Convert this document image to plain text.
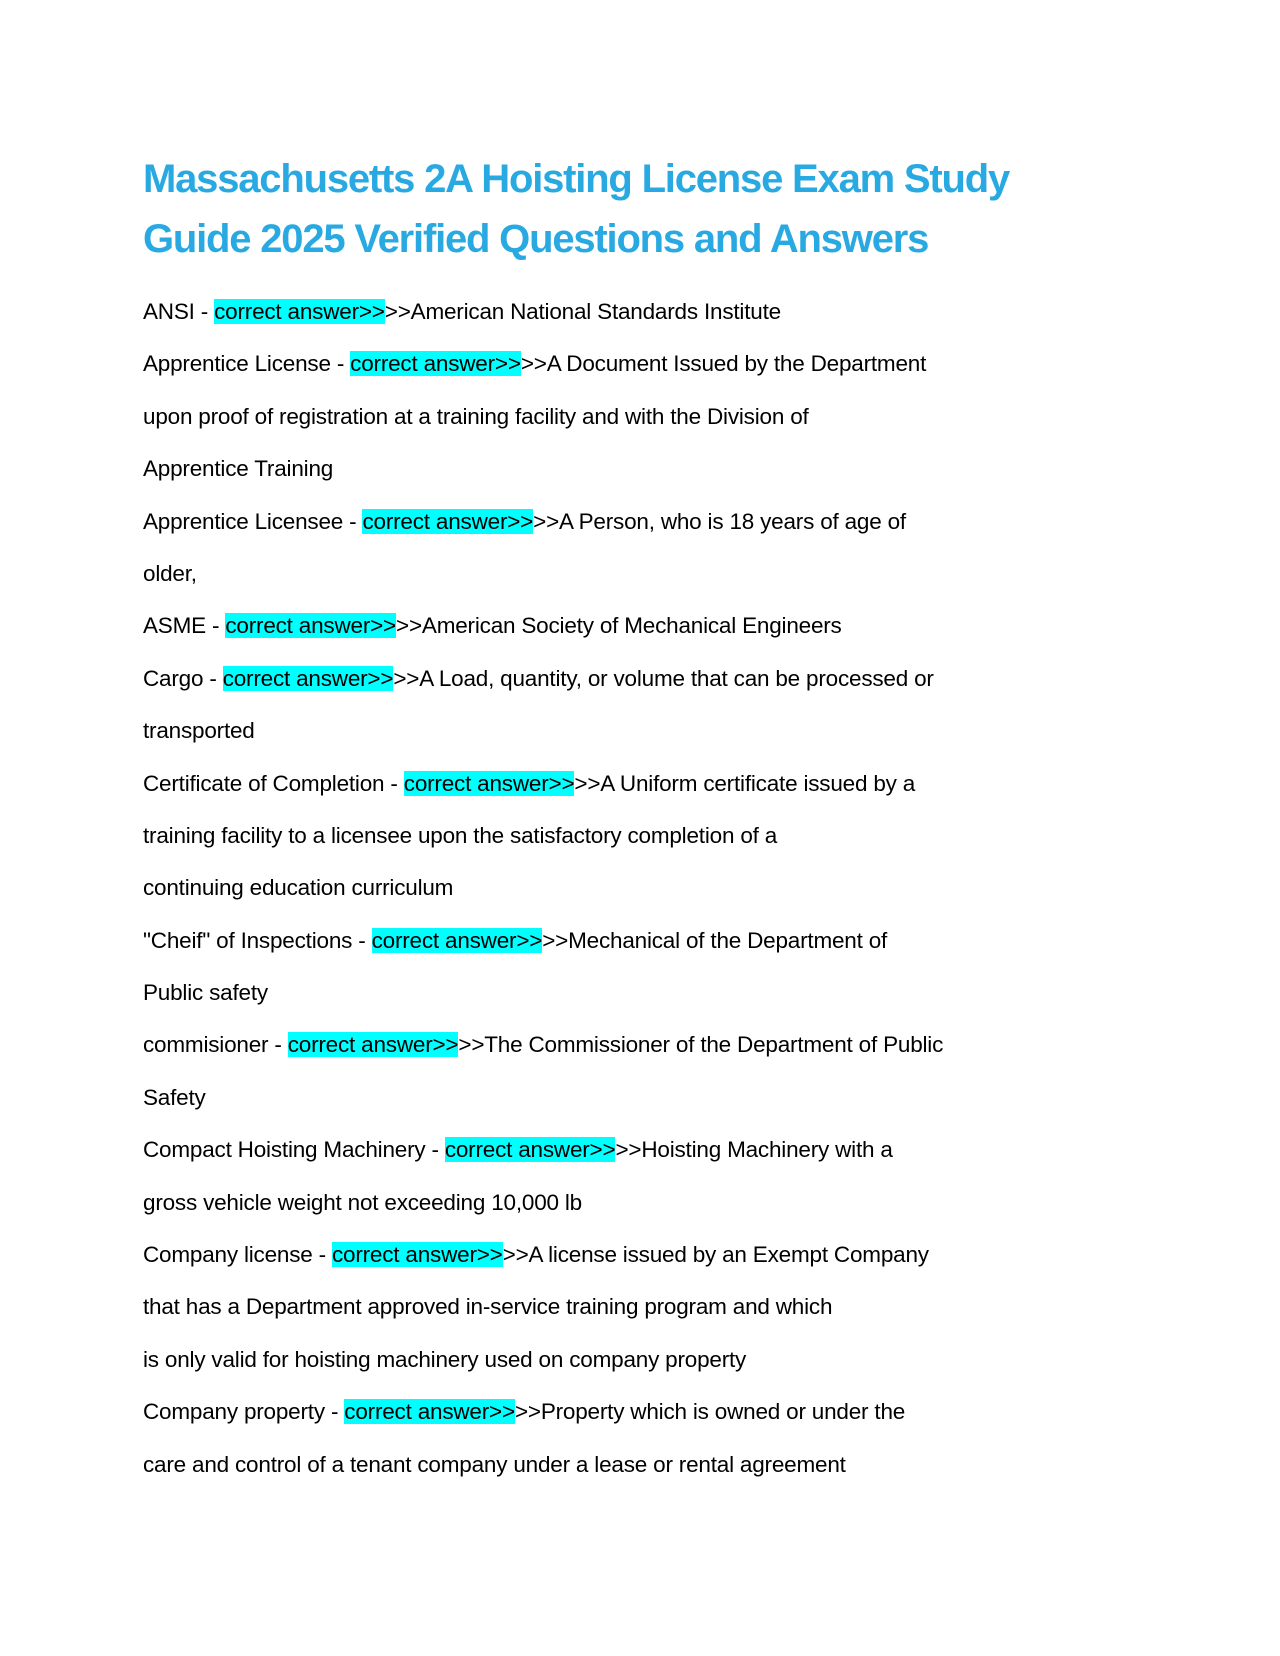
Massachusetts 2A Hoisting License Exam Study
Guide 2025 Verified Questions and Answers
ANSI - correct answer>>>>American National Standards Institute
Apprentice License - correct answer>>>>A Document Issued by the Department
upon proof of registration at a training facility and with the Division of
Apprentice Training
Apprentice Licensee - correct answer>>>>A Person, who is 18 years of age of
older,
ASME - correct answer>>>>American Society of Mechanical Engineers
Cargo - correct answer>>>>A Load, quantity, or volume that can be processed or
transported
Certificate of Completion - correct answer>>>>A Uniform certificate issued by a
training facility to a licensee upon the satisfactory completion of a
continuing education curriculum
"Cheif" of Inspections - correct answer>>>>Mechanical of the Department of
Public safety
commisioner - correct answer>>>>The Commissioner of the Department of Public
Safety
Compact Hoisting Machinery - correct answer>>>>Hoisting Machinery with a
gross vehicle weight not exceeding 10,000 lb
Company license - correct answer>>>>A license issued by an Exempt Company
that has a Department approved in-service training program and which
is only valid for hoisting machinery used on company property
Company property - correct answer>>>>Property which is owned or under the
care and control of a tenant company under a lease or rental agreement
